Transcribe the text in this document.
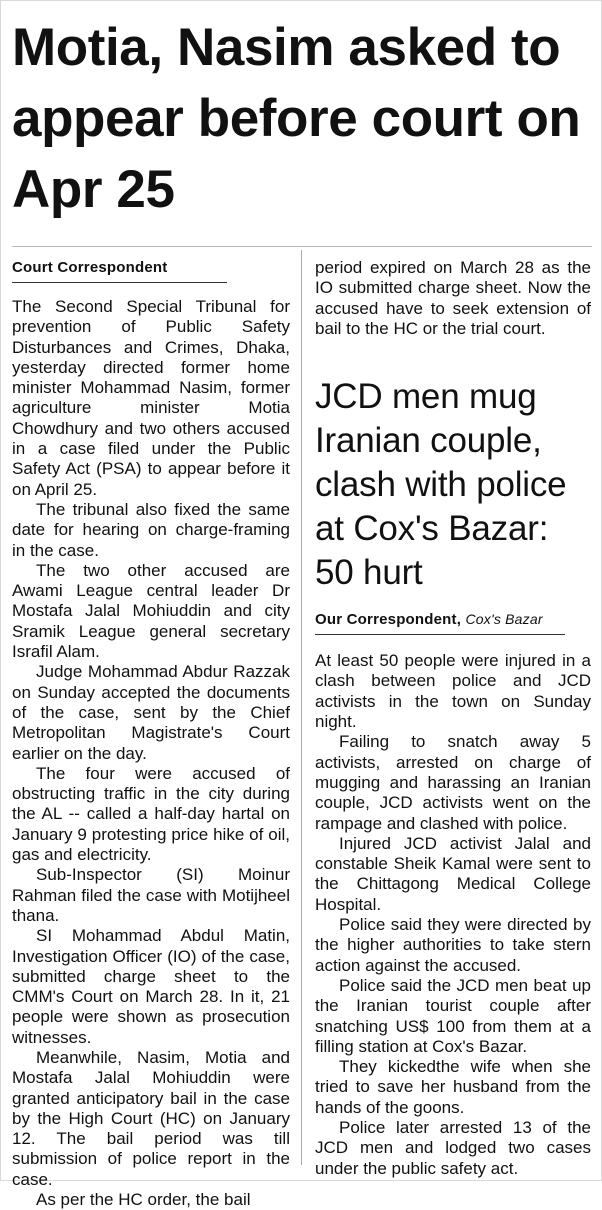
Motia, Nasim asked to appear before court on Apr 25
Court Correspondent

The Second Special Tribunal for prevention of Public Safety Disturbances and Crimes, Dhaka, yesterday directed former home minister Mohammad Nasim, former agriculture minister Motia Chowdhury and two others accused in a case filed under the Public Safety Act (PSA) to appear before it on April 25.

The tribunal also fixed the same date for hearing on charge-framing in the case.

The two other accused are Awami League central leader Dr Mostafa Jalal Mohiuddin and city Sramik League general secretary Israfil Alam.

Judge Mohammad Abdur Razzak on Sunday accepted the documents of the case, sent by the Chief Metropolitan Magistrate's Court earlier on the day.

The four were accused of obstructing traffic in the city during the AL -- called a half-day hartal on January 9 protesting price hike of oil, gas and electricity.

Sub-Inspector (SI) Moinur Rahman filed the case with Motijheel thana.

SI Mohammad Abdul Matin, Investigation Officer (IO) of the case, submitted charge sheet to the CMM's Court on March 28. In it, 21 people were shown as prosecution witnesses.

Meanwhile, Nasim, Motia and Mostafa Jalal Mohiuddin were granted anticipatory bail in the case by the High Court (HC) on January 12. The bail period was till submission of police report in the case.

As per the HC order, the bail

period expired on March 28 as the IO submitted charge sheet. Now the accused have to seek extension of bail to the HC or the trial court.

JCD men mug Iranian couple, clash with police at Cox's Bazar: 50 hurt
Our Correspondent, Cox's Bazar

At least 50 people were injured in a clash between police and JCD activists in the town on Sunday night.

Failing to snatch away 5 activists, arrested on charge of mugging and harassing an Iranian couple, JCD activists went on the rampage and clashed with police.

Injured JCD activist Jalal and constable Sheik Kamal were sent to the Chittagong Medical College Hospital.

Police said they were directed by the higher authorities to take stern action against the accused.

Police said the JCD men beat up the Iranian tourist couple after snatching US$ 100 from them at a filling station at Cox's Bazar.

They kickedthe wife when she tried to save her husband from the hands of the goons.

Police later arrested 13 of the JCD men and lodged two cases under the public safety act.
